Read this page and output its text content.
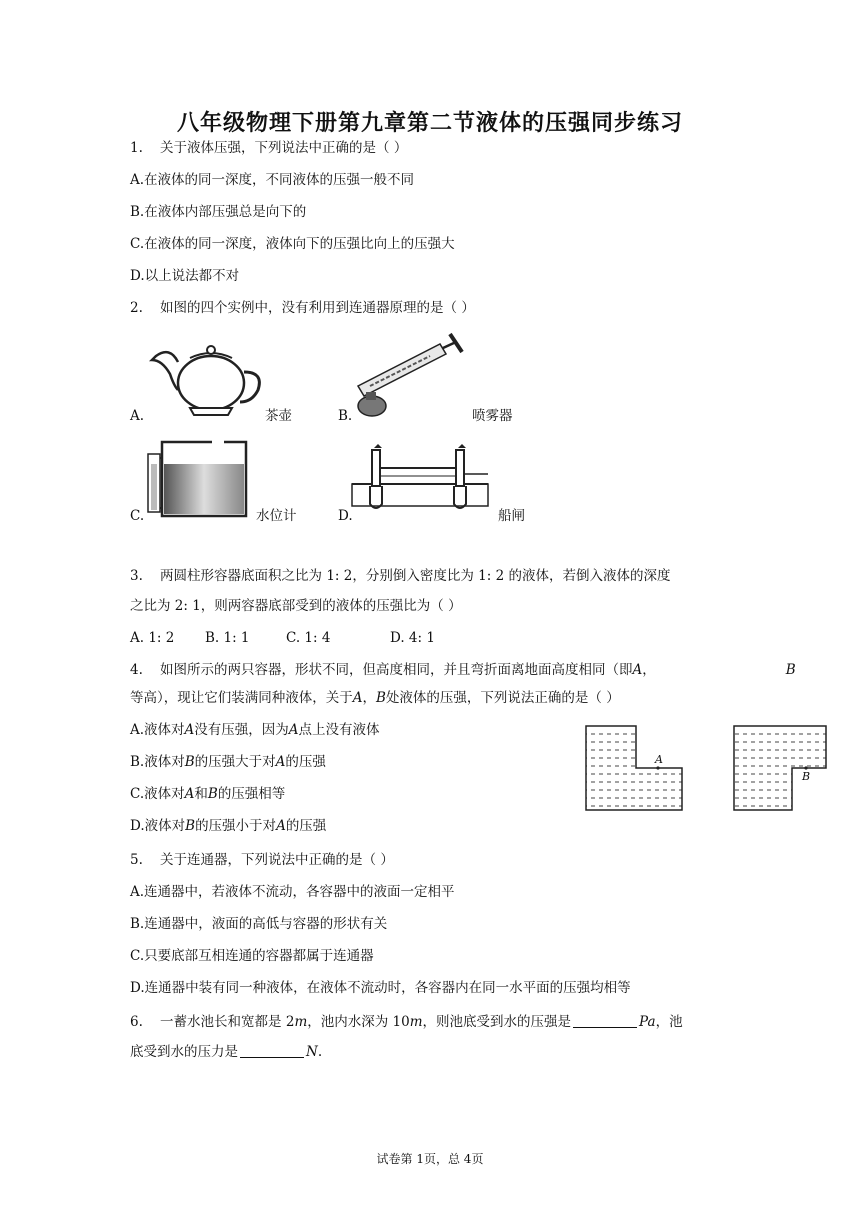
八年级物理下册第九章第二节液体的压强同步练习
1.    关于液体压强，下列说法中正确的是（ ）
A.在液体的同一深度，不同液体的压强一般不同
B.在液体内部压强总是向下的
C.在液体的同一深度，液体向下的压强比向上的压强大
D.以上说法都不对
2.    如图的四个实例中，没有利用到连通器原理的是（ ）
A.	茶壶	B.	喷雾器
C.	水位计	D.	船闸
3.    两圆柱形容器底面积之比为 1: 2，分别倒入密度比为 1: 2 的液体，若倒入液体的深度
之比为 2: 1，则两容器底部受到的液体的压强比为（ ）
A. 1: 2 B. 1: 1	C. 1: 4	D. 4: 1
4.    如图所示的两只容器，形状不同，但高度相同，并且弯折面离地面高度相同（即A，	B
等高），现让它们装满同种液体，关于A，B处液体的压强，下列说法正确的是（ ）
A.液体对A没有压强，因为A点上没有液体
B.液体对B的压强大于对A的压强
C.液体对A和B的压强相等
D.液体对B的压强小于对A的压强
A
B
5.    关于连通器，下列说法中正确的是（ ）
A.连通器中，若液体不流动，各容器中的液面一定相平
B.连通器中，液面的高低与容器的形状有关
C.只要底部互相连通的容器都属于连通器
D.连通器中装有同一种液体，在液体不流动时，各容器内在同一水平面的压强均相等
6.    一蓄水池长和宽都是 2m，池内水深为 10m，则池底受到水的压强是	Pa，池
底受到水的压力是	N.
试卷第 1页，总 4页
